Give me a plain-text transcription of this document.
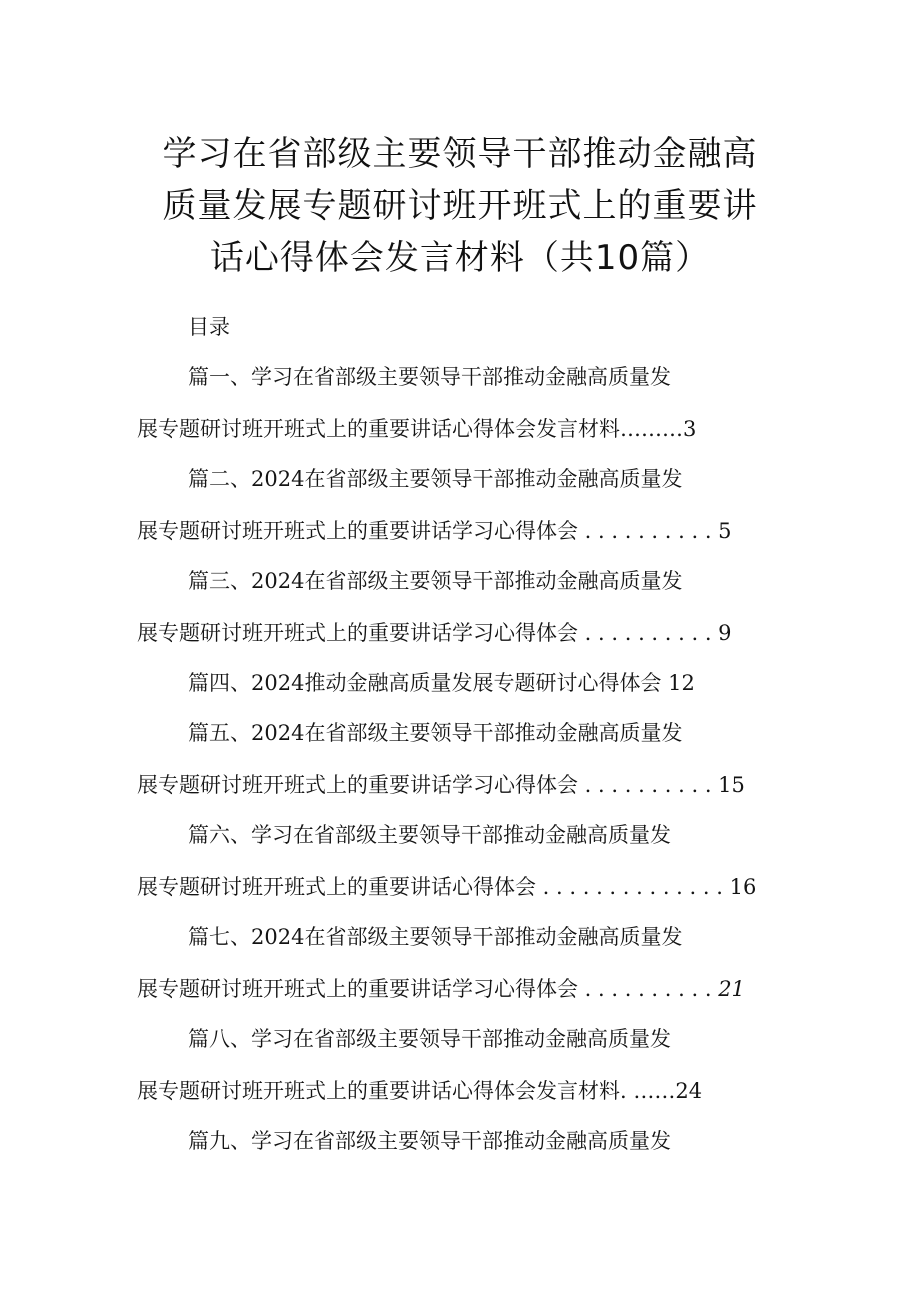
学习在省部级主要领导干部推动金融高质量发展专题研讨班开班式上的重要讲话心得体会发言材料（共10篇）

目录

篇一、学习在省部级主要领导干部推动金融高质量发

展专题研讨班开班式上的重要讲话心得体会发言材料………3

篇二、2024在省部级主要领导干部推动金融高质量发

展专题研讨班开班式上的重要讲话学习心得体会 . . . . . . . . . . 5

篇三、2024在省部级主要领导干部推动金融高质量发

展专题研讨班开班式上的重要讲话学习心得体会 . . . . . . . . . . 9

篇四、2024推动金融高质量发展专题研讨心得体会 12

篇五、2024在省部级主要领导干部推动金融高质量发

展专题研讨班开班式上的重要讲话学习心得体会 . . . . . . . . . . 15

篇六、学习在省部级主要领导干部推动金融高质量发

展专题研讨班开班式上的重要讲话心得体会 . . . . . . . . . . . . . . 16

篇七、2024在省部级主要领导干部推动金融高质量发

展专题研讨班开班式上的重要讲话学习心得体会 . . . . . . . . . . 21

篇八、学习在省部级主要领导干部推动金融高质量发

展专题研讨班开班式上的重要讲话心得体会发言材料. ……24

篇九、学习在省部级主要领导干部推动金融高质量发
